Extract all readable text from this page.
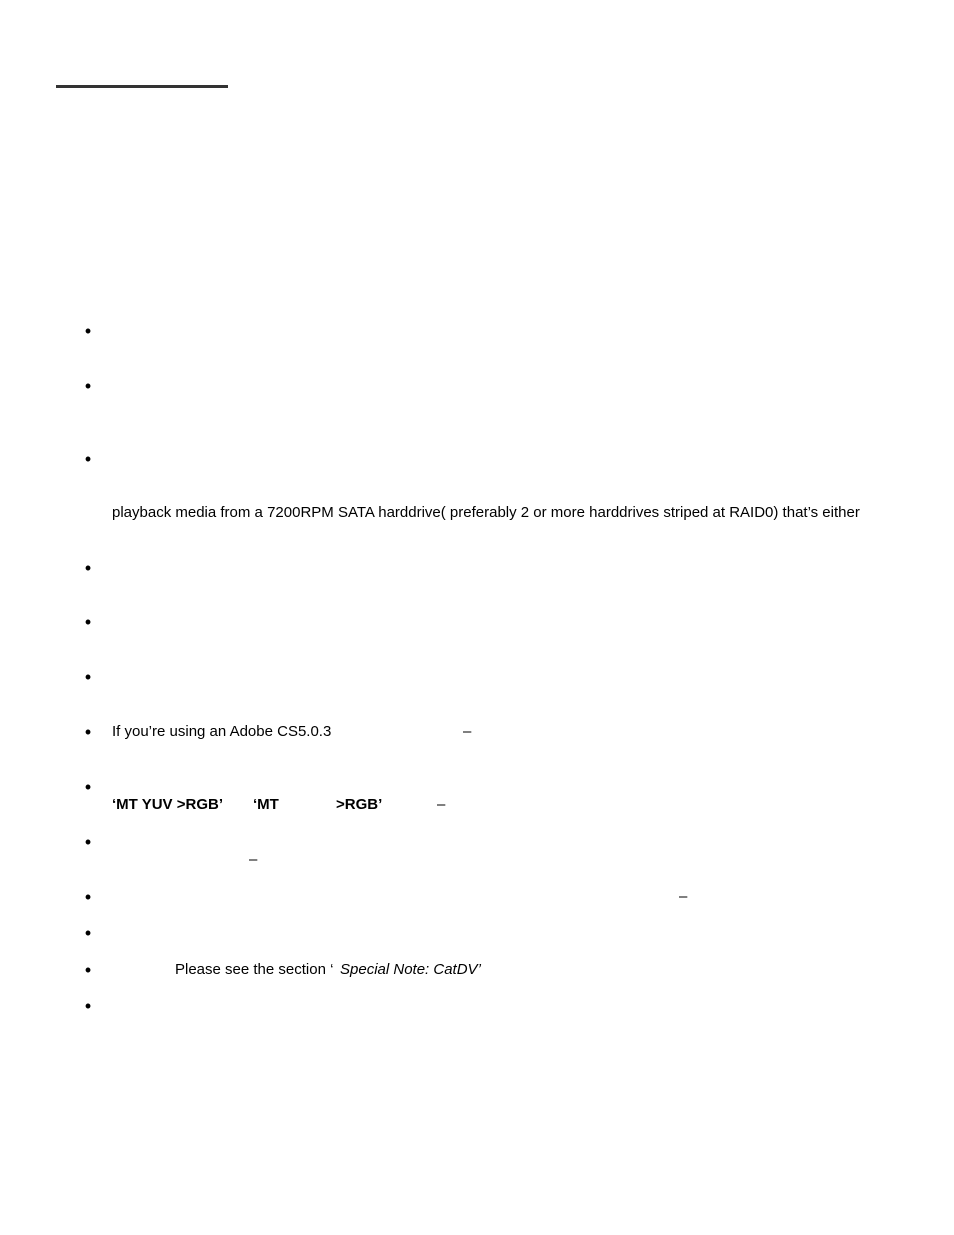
•
•
•
•
•
•
•
•
•
•
•
•
•
playback media from a 7200RPM SATA harddrive( preferably 2 or more harddrives striped at RAID0) that’s either
If you’re using an Adobe CS5.0.3	–
‘MT YUV >RGB’ ‘MT	>RGB’	–
–
–
Please see the section ‘ Special Note: CatDV’
